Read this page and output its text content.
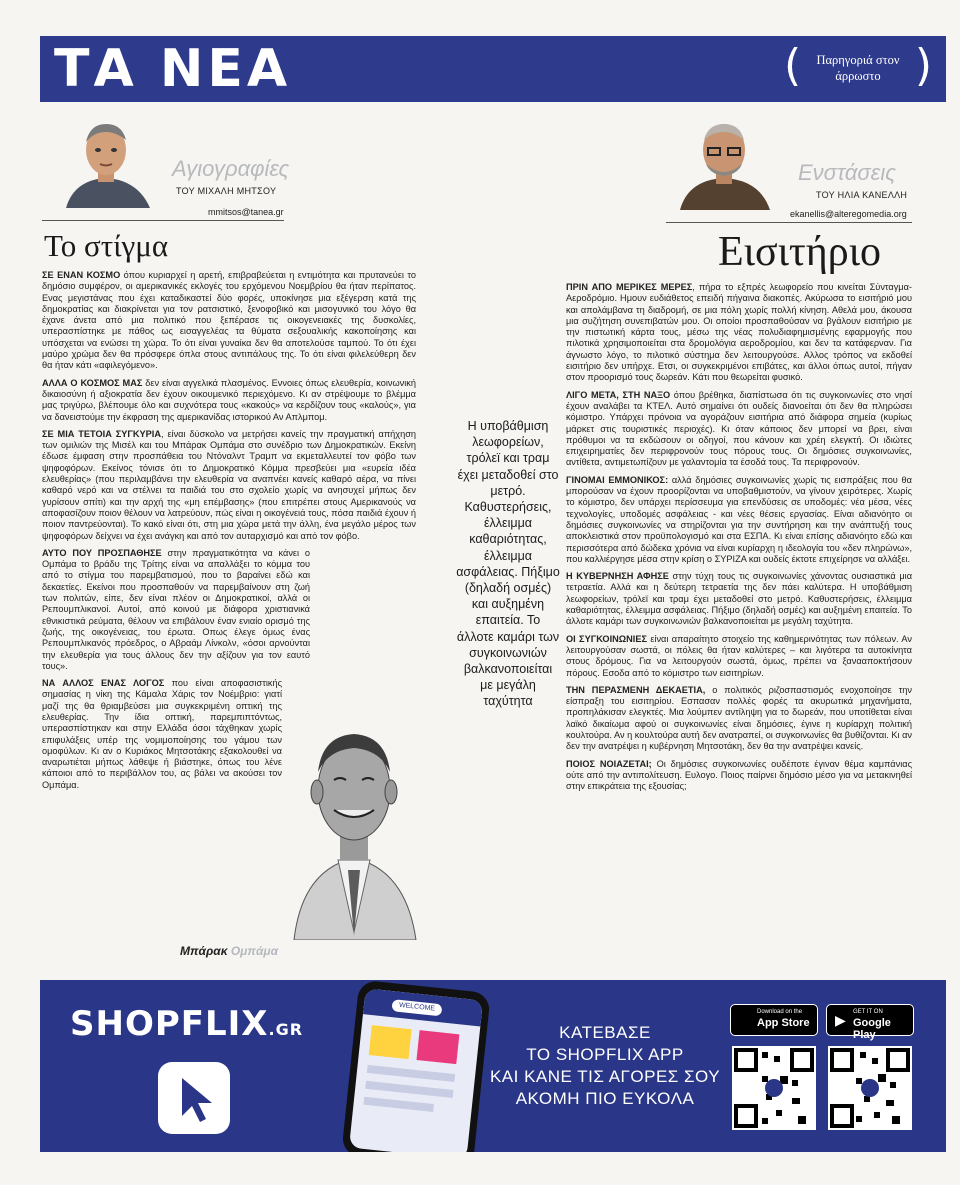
ΤΑ ΝΕΑ	(	Παρηγοριά στον άρρωστο )
Αγιογραφίες
ΤΟΥ ΜΙΧΑΛΗ ΜΗΤΣΟΥ
mmitsos@tanea.gr
Το στίγμα
Ενστάσεις
ΤΟΥ ΗΛΙΑ ΚΑΝΕΛΛΗ
ekanellis@alteregomedia.org
Εισιτήριο

ΣΕ ΕΝΑΝ ΚΟΣΜΟ όπου κυριαρχεί η αρετή, επιβραβεύεται η εντιμότητα και πρυτανεύει το δημόσιο συμφέρον, οι αμερικανικές εκλογές του ερχόμενου Νοεμβρίου θα ήταν περίπατος. Ενας μεγιστάνας που έχει καταδικαστεί δύο φορές, υποκίνησε μια εξέγερση κατά της δημοκρατίας και διακρίνεται για τον ρατσιστικό, ξενοφοβικό και μισογυνικό του λόγο θα έχανε άνετα από μια πολιτικό που ξεπέρασε τις οικογενειακές της δυσκολίες, υπερασπίστηκε με πάθος ως εισαγγελέας τα θύματα σεξουαλικής κακοποίησης και υπόσχεται να ενώσει τη χώρα. Το ότι είναι γυναίκα δεν θα αποτελούσε ταμπού. Το ότι έχει μαύρο χρώμα δεν θα πρόσφερε όπλα στους αντιπάλους της. Το ότι είναι φιλελεύθερη δεν θα ήταν κάτι «αφιλεγόμενο».

ΑΛΛΑ Ο ΚΟΣΜΟΣ ΜΑΣ δεν είναι αγγελικά πλασμένος. Εννοιες όπως ελευθερία, κοινωνική δικαιοσύνη ή αξιοκρατία δεν έχουν οικουμενικό περιεχόμενο. Κι αν στρέψουμε το βλέμμα μας τριγύρω, βλέπουμε όλο και συχνότερα τους «κακούς» να κερδίζουν τους «καλούς», για να δανειστούμε την έκφραση της αμερικανίδας ιστορικού Αν Απλμπομ.

ΣΕ ΜΙΑ ΤΕΤΟΙΑ ΣΥΓΚΥΡΙΑ, είναι δύσκολο να μετρήσει κανείς την πραγματική απήχηση των ομιλιών της Μισέλ και του Μπάρακ Ομπάμα στο συνέδριο των Δημοκρατικών. Εκείνη έδωσε έμφαση στην προσπάθεια του Ντόναλντ Τραμπ να εκμεταλλευτεί τον φόβο των ψηφοφόρων. Εκείνος τόνισε ότι το Δημοκρατικό Κόμμα πρεσβεύει μια «ευρεία ιδέα ελευθερίας» (που περιλαμβάνει την ελευθερία να αναπνέει κανείς καθαρό αέρα, να πίνει καθαρό νερό και να στέλνει τα παιδιά του στο σχολείο χωρίς να ανησυχεί μήπως δεν γυρίσουν σπίτι) και την αρχή της «μη επέμβασης» (που επιτρέπει στους Αμερικανούς να αποφασίζουν ποιον θέλουν να λατρεύουν, πώς είναι η οικογένειά τους, πόσα παιδιά έχουν ή ποιον παντρεύονται). Το κακό είναι ότι, στη μια χώρα μετά την άλλη, ένα μεγάλο μέρος των ψηφοφόρων δείχνει να έχει ανάγκη και από τον αυταρχισμό και από τον φόβο.

ΑΥΤΟ ΠΟΥ ΠΡΟΣΠΑΘΗΣΕ στην πραγματικότητα να κάνει ο Ομπάμα το βράδυ της Τρίτης είναι να απαλλάξει το κόμμα του από το στίγμα του παρεμβατισμού, που το βαραίνει εδώ και δεκαετίες. Εκείνοι που προσπαθούν να παρεμβαίνουν στη ζωή των πολιτών, είπε, δεν είναι πλέον οι Δημοκρατικοί, αλλά οι Ρεπουμπλικανοί. Αυτοί, από κοινού με διάφορα χριστιανικά εθνικιστικά ρεύματα, θέλουν να επιβάλουν έναν ενιαίο ορισμό της ζωής, της οικογένειας, του έρωτα. Οπως έλεγε όμως ένας Ρεπουμπλικανός πρόεδρος, ο Αβραάμ Λίνκολν, «όσοι αρνούνται την ελευθερία για τους άλλους δεν την αξίζουν για τον εαυτό τους».

ΝΑ ΑΛΛΟΣ ΕΝΑΣ ΛΟΓΟΣ που είναι αποφασιστικής σημασίας η νίκη της Κάμαλα Χάρις τον Νοέμβριο: γιατί μαζί της θα θριαμβεύσει μια συγκεκριμένη οπτική της ελευθερίας. Την ίδια οπτική, παρεμπιπτόντως, υπερασπίστηκαν και στην Ελλάδα όσοι τάχθηκαν χωρίς επιφυλάξεις υπέρ της νομιμοποίησης του γάμου των ομοφύλων. Κι αν ο Κυριάκος Μητσοτάκης εξακολουθεί να αναρωτιέται μήπως λάθεψε ή βιάστηκε, όπως του λένε κάποιοι από το περιβάλλον του, ας βάλει να ακούσει τον Ομπάμα.

Μπάρακ Ομπάμα
Η υποβάθμιση λεωφορείων, τρόλεϊ και τραμ έχει μεταδοθεί στο μετρό. Καθυστερήσεις, έλλειμμα καθαριότητας, έλλειμμα ασφάλειας. Πήξιμο (δηλαδή οσμές) και αυξημένη επαιτεία. Το άλλοτε καμάρι των συγκοινωνιών βαλκανοποιείται με μεγάλη ταχύτητα

ΠΡΙΝ ΑΠΟ ΜΕΡΙΚΕΣ ΜΕΡΕΣ, πήρα το εξπρές λεωφορείο που κινείται Σύνταγμα-Αεροδρόμιο. Ημουν ευδιάθετος επειδή πήγαινα διακοπές. Ακύρωσα το εισιτήριό μου και απολάμβανα τη διαδρομή, σε μια πόλη χωρίς πολλή κίνηση. Αθελά μου, άκουσα μια συζήτηση συνεπιβατών μου. Οι οποίοι προσπαθούσαν να βγάλουν εισιτήριο με την πιστωτική κάρτα τους, μέσω της νέας πολυδιαφημισμένης εφαρμογής που πιλοτικά χρησιμοποιείται στα δρομολόγια αεροδρομίου, και δεν τα κατάφερναν. Για άγνωστο λόγο, το πιλοτικό σύστημα δεν λειτουργούσε. Αλλος τρόπος να εκδοθεί εισιτήριο δεν υπήρχε. Ετσι, οι συγκεκριμένοι επιβάτες, και άλλοι όπως αυτοί, πήγαν στον προορισμό τους δωρεάν. Κάτι που θεωρείται φυσικό.

ΛΙΓΟ ΜΕΤΑ, ΣΤΗ ΝΑΞΟ όπου βρέθηκα, διαπίστωσα ότι τις συγκοινωνίες στο νησί έχουν αναλάβει τα ΚΤΕΛ. Αυτό σημαίνει ότι ουδείς διανοείται ότι δεν θα πληρώσει κόμιστρο. Υπάρχει πρόνοια να αγοράζουν εισιτήρια από διάφορα σημεία (κυρίως μάρκετ στις τουριστικές περιοχές). Κι όταν κάποιος δεν μπορεί να βρει, είναι πρόθυμοι να τα εκδώσουν οι οδηγοί, που κάνουν και χρέη ελεγκτή. Οι ιδιώτες επιχειρηματίες δεν περιφρονούν τους πόρους τους. Οι δημόσιες συγκοινωνίες, αντίθετα, αντιμετωπίζουν με γαλαντομία τα έσοδά τους. Τα περιφρονούν.

ΓΙΝΟΜΑΙ ΕΜΜΟΝΙΚΟΣ: αλλά δημόσιες συγκοινωνίες χωρίς τις εισπράξεις που θα μπορούσαν να έχουν προορίζονται να υποβαθμιστούν, να γίνουν χειρότερες. Χωρίς το κόμιστρο, δεν υπάρχει περίσσευμα για επενδύσεις σε υποδομές: νέα μέσα, νέες τεχνολογίες, υποδομές ασφάλειας - και νέες θέσεις εργασίας. Είναι αδιανόητο οι δημόσιες συγκοινωνίες να στηρίζονται για την συντήρηση και την ανάπτυξή τους αποκλειστικά στον προϋπολογισμό και στα ΕΣΠΑ. Κι είναι επίσης αδιανόητο εδώ και περισσότερα από δώδεκα χρόνια να είναι κυρίαρχη η ιδεολογία του «δεν πληρώνω», που καλλιέργησε μέσα στην κρίση ο ΣΥΡΙΖΑ και ουδείς έκτοτε επιχείρησε να αλλάξει.

Η ΚΥΒΕΡΝΗΣΗ ΑΦΗΣΕ στην τύχη τους τις συγκοινωνίες χάνοντας ουσιαστικά μια τετραετία. Αλλά και η δεύτερη τετραετία της δεν πάει καλύτερα. Η υποβάθμιση λεωφορείων, τρόλεϊ και τραμ έχει μεταδοθεί στο μετρό. Καθυστερήσεις, έλλειμμα καθαριότητας, έλλειμμα ασφάλειας. Πήξιμο (δηλαδή οσμές) και αυξημένη επαιτεία. Το άλλοτε καμάρι των συγκοινωνιών βαλκανοποιείται με μεγάλη ταχύτητα.

ΟΙ ΣΥΓΚΟΙΝΩΝΙΕΣ είναι απαραίτητο στοιχείο της καθημερινότητας των πόλεων. Αν λειτουργούσαν σωστά, οι πόλεις θα ήταν καλύτερες – και λιγότερα τα αυτοκίνητα στους δρόμους. Για να λειτουργούν σωστά, όμως, πρέπει να ξανααποκτήσουν πόρους. Εσοδα από το κόμιστρο των εισιτηρίων.

ΤΗΝ ΠΕΡΑΣΜΕΝΗ ΔΕΚΑΕΤΙΑ, ο πολιτικός ριζοσπαστισμός ενοχοποίησε την είσπραξη του εισιτηρίου. Εσπασαν πολλές φορές τα ακυρωτικά μηχανήματα, προπηλάκισαν ελεγκτές. Μια λούμπεν αντίληψη για το δωρεάν, που υποτίθεται είναι λαϊκό δικαίωμα αφού οι συγκοινωνίες είναι δημόσιες, έγινε η κυρίαρχη πολιτική κουλτούρα. Αν η κουλτούρα αυτή δεν ανατραπεί, οι συγκοινωνίες θα βυθίζονται. Κι αν δεν την ανατρέψει η κυβέρνηση Μητσοτάκη, δεν θα την ανατρέψει κανείς.

ΠΟΙΟΣ ΝΟΙΑΖΕΤΑΙ; Οι δημόσιες συγκοινωνίες ουδέποτε έγιναν θέμα καμπάνιας ούτε από την αντιπολίτευση. Ευλογο. Ποιος παίρνει δημόσιο μέσο για να μετακινηθεί στην επικράτεια της εξουσίας;

SHOPFLIX.GR
WELCOME
ΚΑΤΕΒΑΣΕ
ΤΟ SHOPFLIX APP
ΚΑΙ ΚΑΝΕ ΤΙΣ ΑΓΟΡΕΣ ΣΟΥ
ΑΚΟΜΗ ΠΙΟ ΕΥΚΟΛΑ
Download on the
App Store ▶ GET IT ON
Google Play
